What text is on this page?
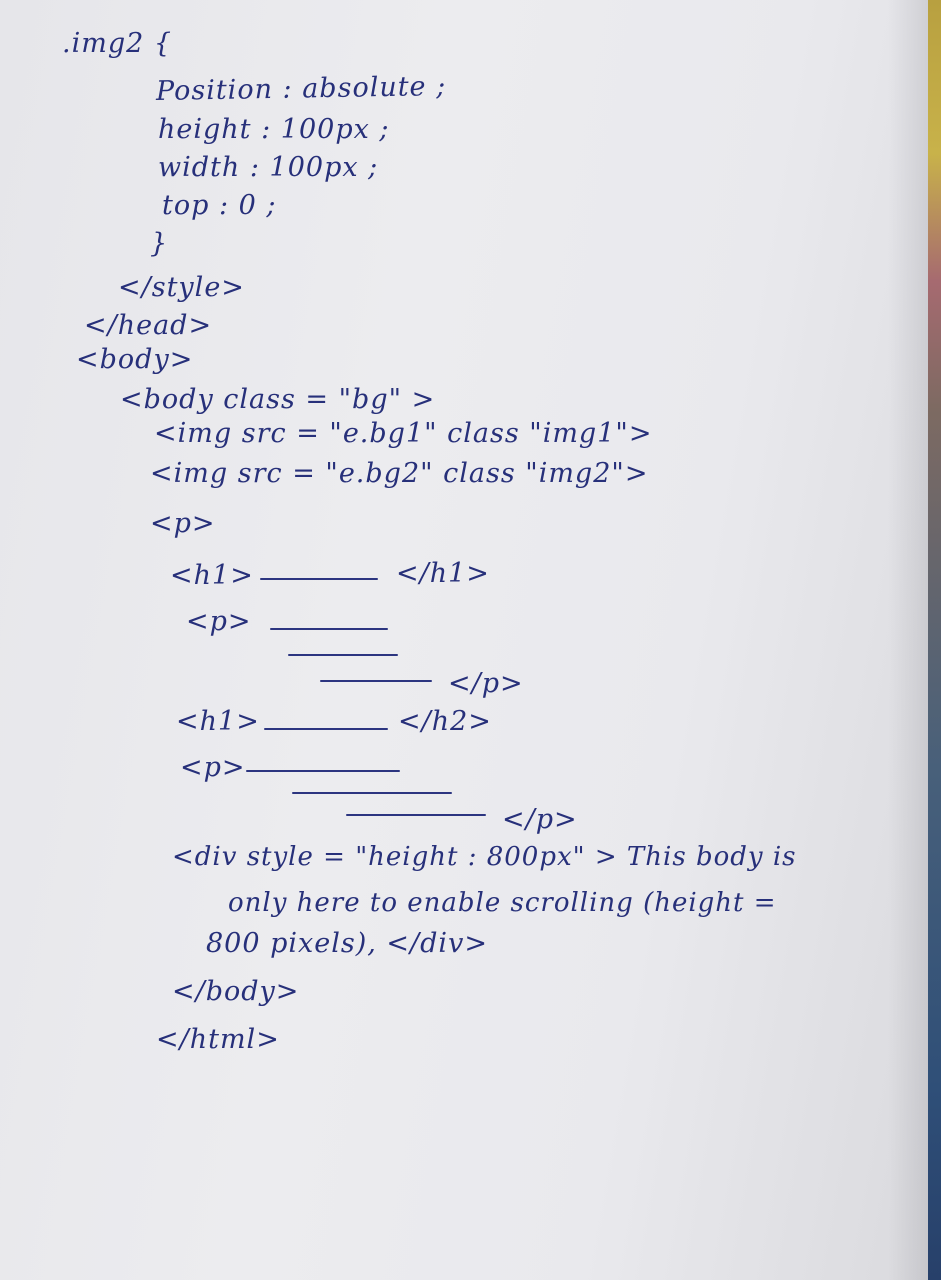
.img2 {
Position : absolute ;
height : 100px ;
width : 100px ;
top : 0 ;
}
</style>
</head>
<body>
<body class = "bg" >
<img src = "e.bg1" class "img1">
<img src = "e.bg2" class "img2">
<p>
<h1>	</h1>
<p>
</p>
<h1>	</h2>
<p>
</p>
<div style = "height : 800px" > This body is
only here to enable scrolling (height =
800 pixels), </div>
</body>
</html>
